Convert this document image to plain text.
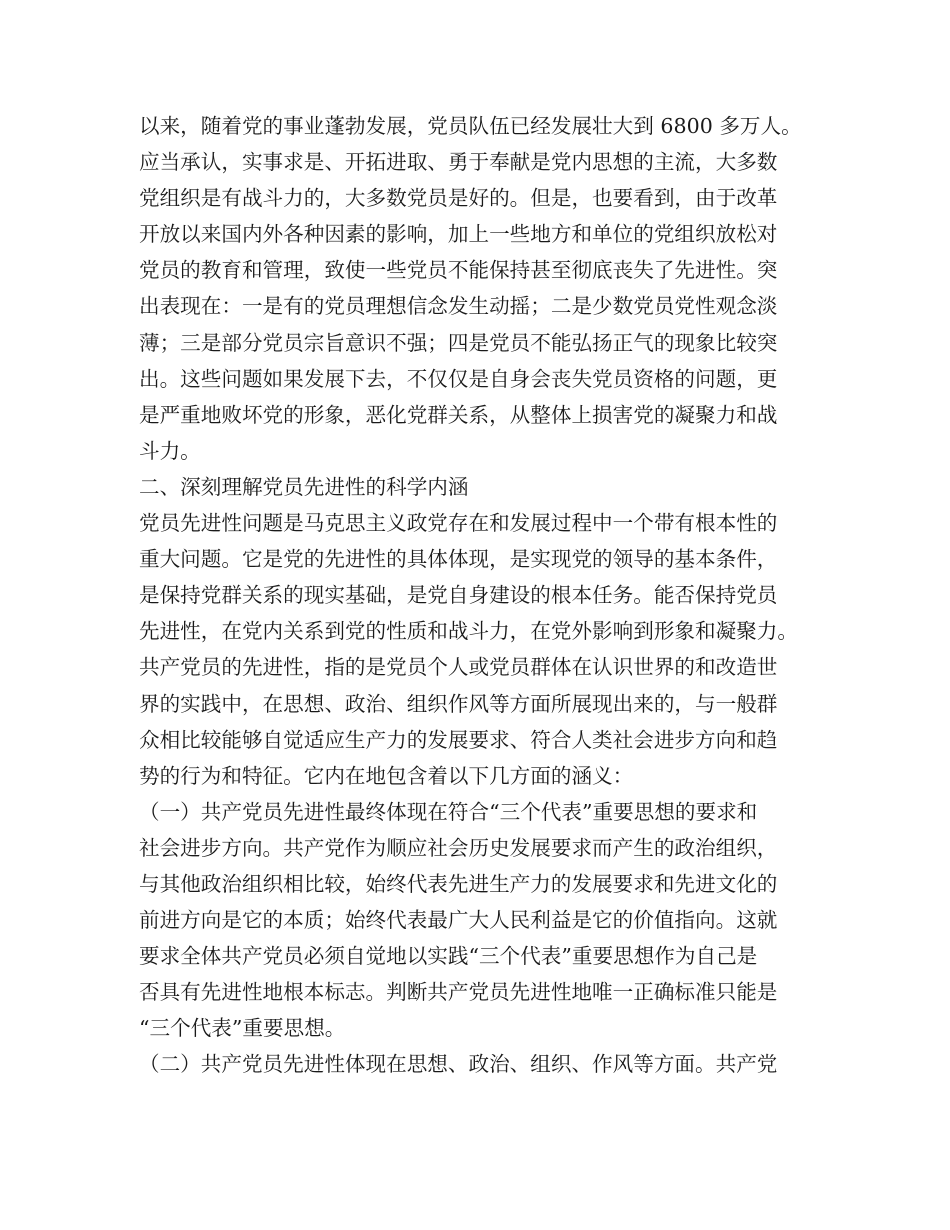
以来，随着党的事业蓬勃发展，党员队伍已经发展壮大到 6800 多万人。
应当承认，实事求是、开拓进取、勇于奉献是党内思想的主流，大多数
党组织是有战斗力的，大多数党员是好的。但是，也要看到，由于改革
开放以来国内外各种因素的影响，加上一些地方和单位的党组织放松对
党员的教育和管理，致使一些党员不能保持甚至彻底丧失了先进性。突
出表现在：一是有的党员理想信念发生动摇；二是少数党员党性观念淡
薄；三是部分党员宗旨意识不强；四是党员不能弘扬正气的现象比较突
出。这些问题如果发展下去，不仅仅是自身会丧失党员资格的问题，更
是严重地败坏党的形象，恶化党群关系，从整体上损害党的凝聚力和战
斗力。
二、深刻理解党员先进性的科学内涵
党员先进性问题是马克思主义政党存在和发展过程中一个带有根本性的
重大问题。它是党的先进性的具体体现，是实现党的领导的基本条件，
是保持党群关系的现实基础，是党自身建设的根本任务。能否保持党员
先进性，在党内关系到党的性质和战斗力，在党外影响到形象和凝聚力。
共产党员的先进性，指的是党员个人或党员群体在认识世界的和改造世
界的实践中，在思想、政治、组织作风等方面所展现出来的，与一般群
众相比较能够自觉适应生产力的发展要求、符合人类社会进步方向和趋
势的行为和特征。它内在地包含着以下几方面的涵义：
（一）共产党员先进性最终体现在符合“三个代表”重要思想的要求和
社会进步方向。共产党作为顺应社会历史发展要求而产生的政治组织，
与其他政治组织相比较，始终代表先进生产力的发展要求和先进文化的
前进方向是它的本质；始终代表最广大人民利益是它的价值指向。这就
要求全体共产党员必须自觉地以实践“三个代表”重要思想作为自己是
否具有先进性地根本标志。判断共产党员先进性地唯一正确标准只能是
“三个代表”重要思想。
（二）共产党员先进性体现在思想、政治、组织、作风等方面。共产党
